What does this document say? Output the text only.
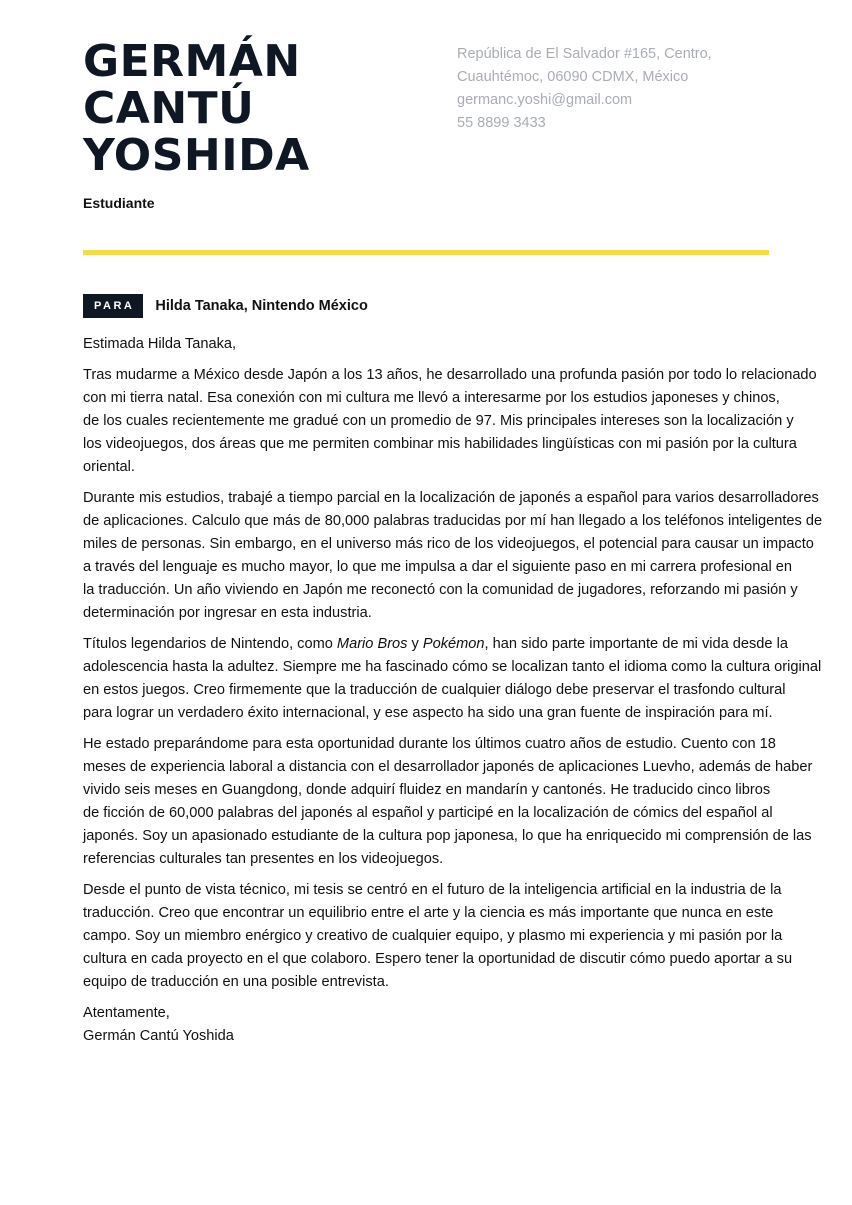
GERMÁN
CANTÚ
YOSHIDA
Estudiante
República de El Salvador #165, Centro,
Cuauhtémoc, 06090 CDMX, México
germanc.yoshi@gmail.com
55 8899 3433
PARA	Hilda Tanaka, Nintendo México

Estimada Hilda Tanaka,

Tras mudarme a México desde Japón a los 13 años, he desarrollado una profunda pasión por todo lo relacionado
con mi tierra natal. Esa conexión con mi cultura me llevó a interesarme por los estudios japoneses y chinos,
de los cuales recientemente me gradué con un promedio de 97. Mis principales intereses son la localización y
los videojuegos, dos áreas que me permiten combinar mis habilidades lingüísticas con mi pasión por la cultura
oriental.

Durante mis estudios, trabajé a tiempo parcial en la localización de japonés a español para varios desarrolladores
de aplicaciones. Calculo que más de 80,000 palabras traducidas por mí han llegado a los teléfonos inteligentes de
miles de personas. Sin embargo, en el universo más rico de los videojuegos, el potencial para causar un impacto
a través del lenguaje es mucho mayor, lo que me impulsa a dar el siguiente paso en mi carrera profesional en
la traducción. Un año viviendo en Japón me reconectó con la comunidad de jugadores, reforzando mi pasión y
determinación por ingresar en esta industria.

Títulos legendarios de Nintendo, como Mario Bros y Pokémon, han sido parte importante de mi vida desde la
adolescencia hasta la adultez. Siempre me ha fascinado cómo se localizan tanto el idioma como la cultura original
en estos juegos. Creo firmemente que la traducción de cualquier diálogo debe preservar el trasfondo cultural
para lograr un verdadero éxito internacional, y ese aspecto ha sido una gran fuente de inspiración para mí.

He estado preparándome para esta oportunidad durante los últimos cuatro años de estudio. Cuento con 18
meses de experiencia laboral a distancia con el desarrollador japonés de aplicaciones Luevho, además de haber
vivido seis meses en Guangdong, donde adquirí fluidez en mandarín y cantonés. He traducido cinco libros
de ficción de 60,000 palabras del japonés al español y participé en la localización de cómics del español al
japonés. Soy un apasionado estudiante de la cultura pop japonesa, lo que ha enriquecido mi comprensión de las
referencias culturales tan presentes en los videojuegos.

Desde el punto de vista técnico, mi tesis se centró en el futuro de la inteligencia artificial en la industria de la
traducción. Creo que encontrar un equilibrio entre el arte y la ciencia es más importante que nunca en este
campo. Soy un miembro enérgico y creativo de cualquier equipo, y plasmo mi experiencia y mi pasión por la
cultura en cada proyecto en el que colaboro. Espero tener la oportunidad de discutir cómo puedo aportar a su
equipo de traducción en una posible entrevista.

Atentamente,
Germán Cantú Yoshida
